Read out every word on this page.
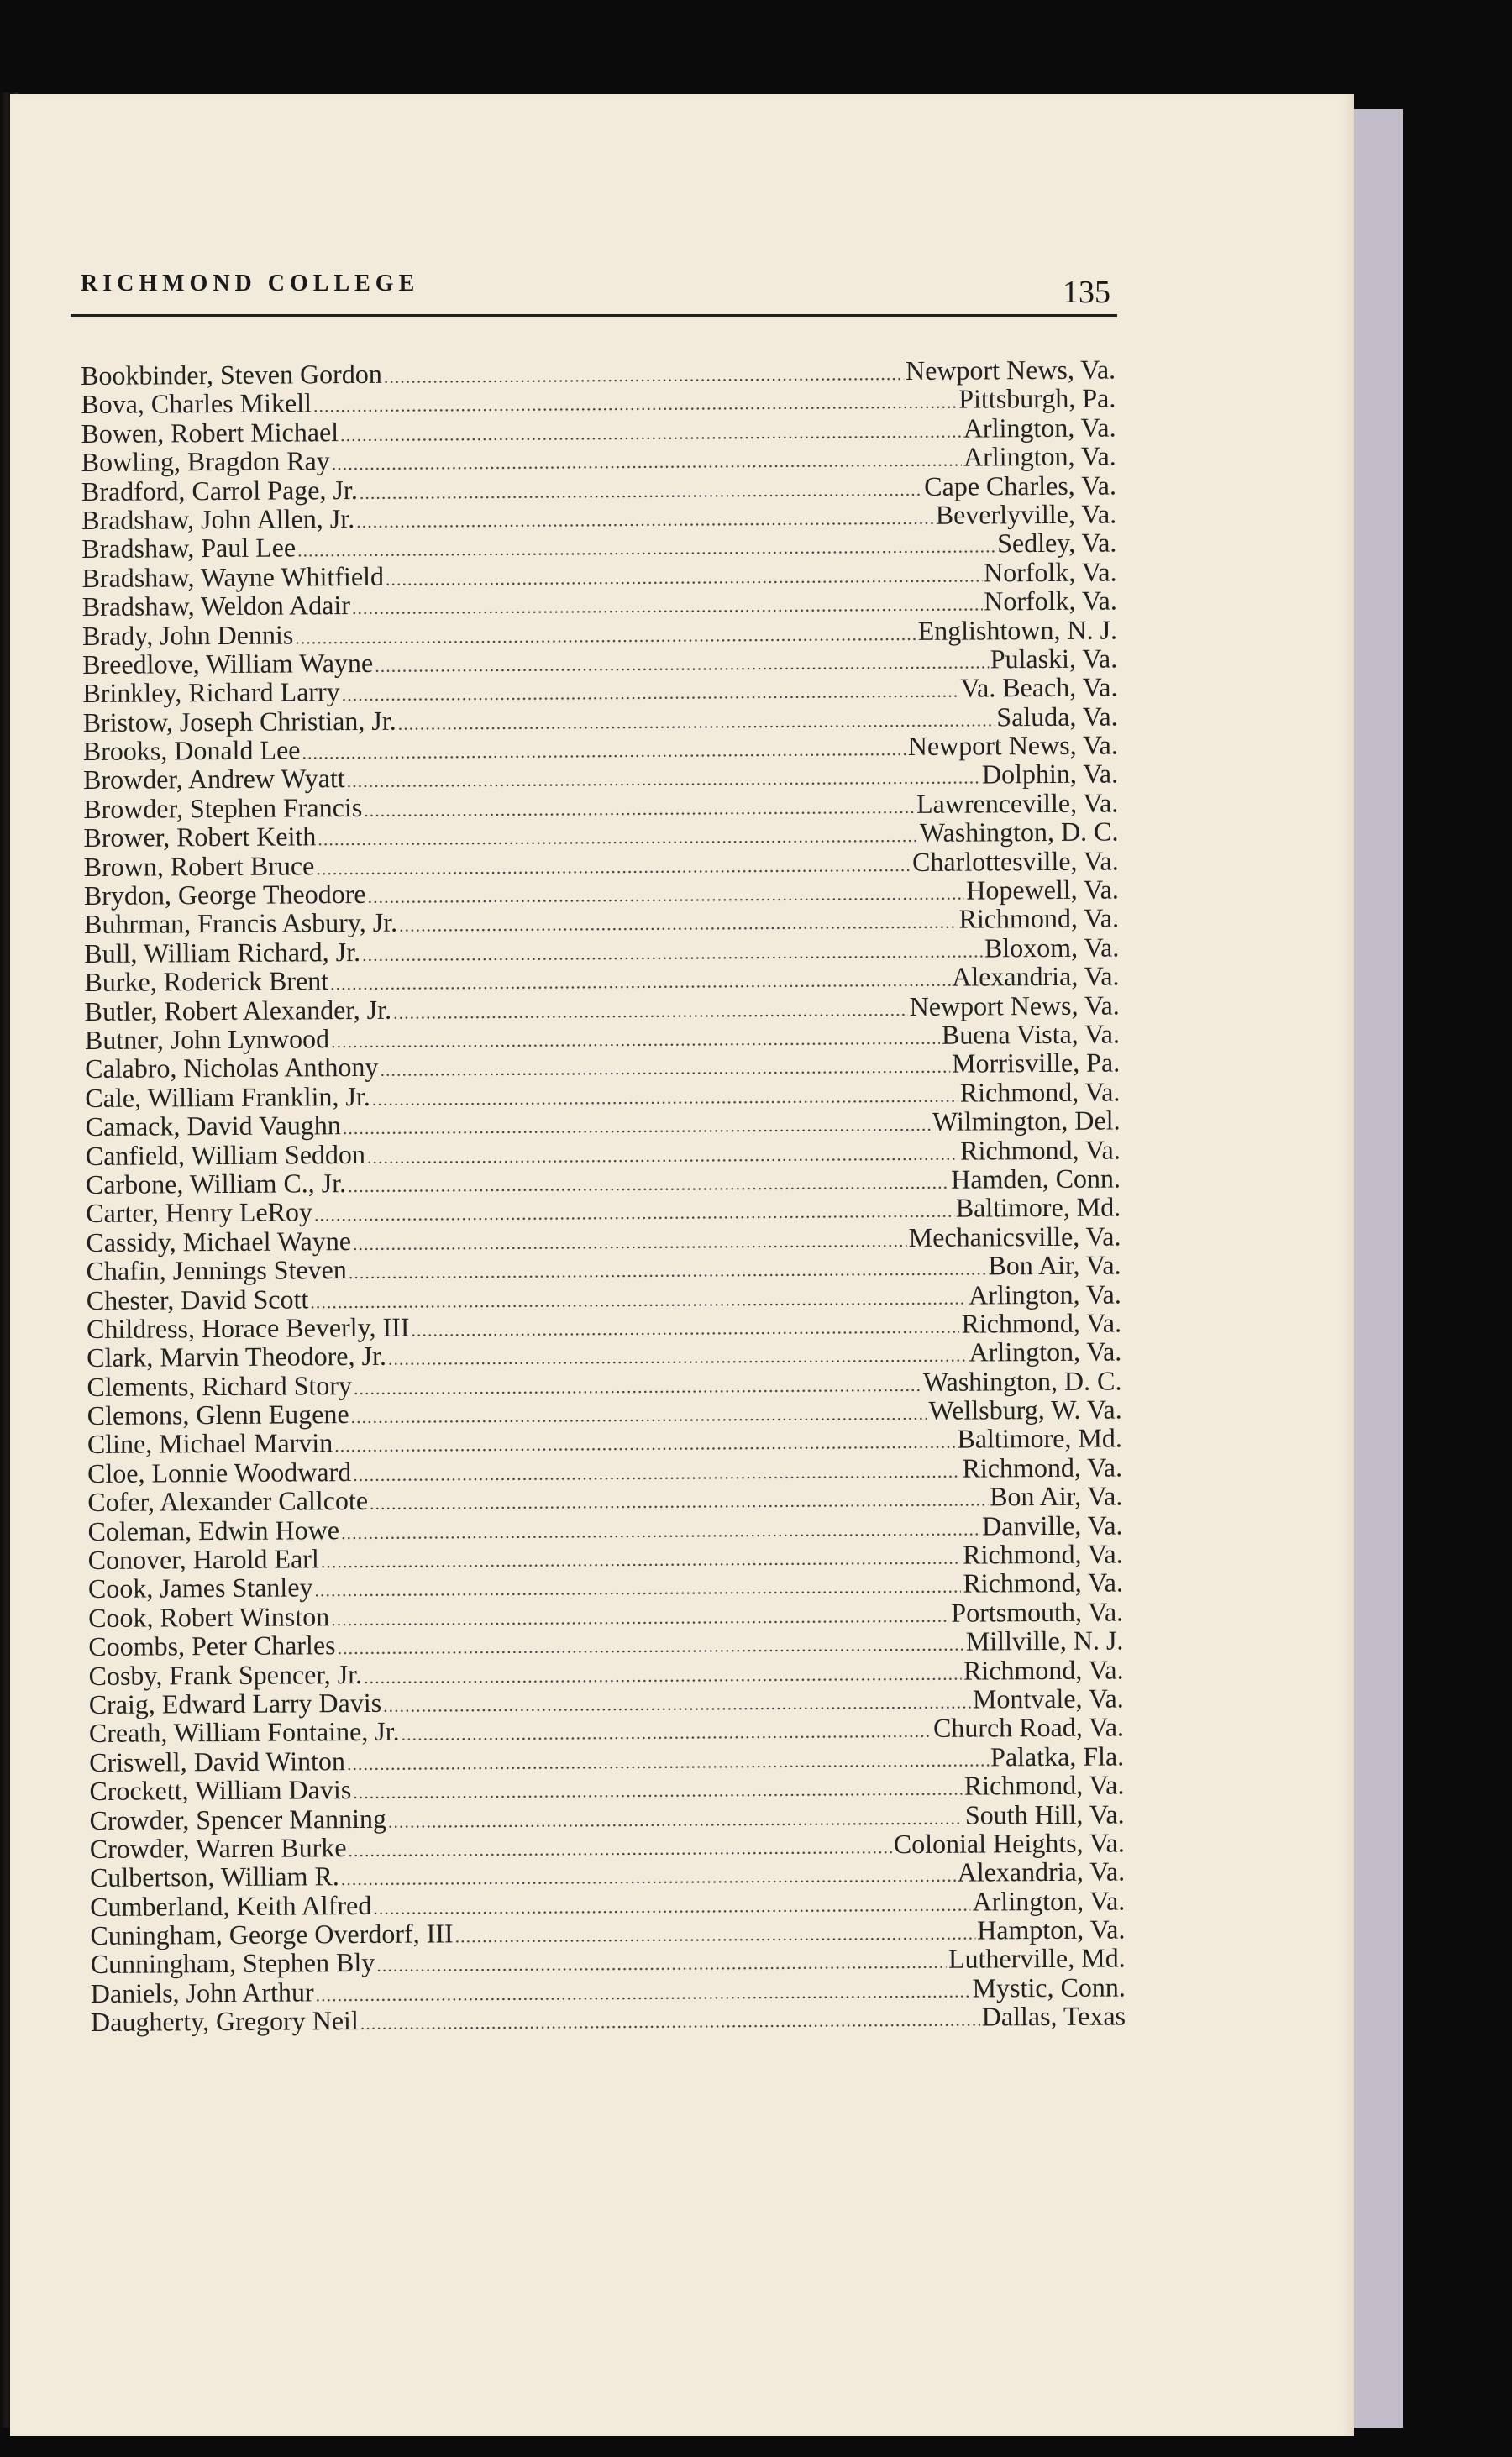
RICHMOND COLLEGE	135
Bookbinder, Steven Gordon .....	Newport News, Va.
Bova, Charles Mikell .....	Pittsburgh, Pa.
Bowen, Robert Michael .....	Arlington, Va.
Bowling, Bragdon Ray .....	Arlington, Va.
Bradford, Carrol Page, Jr. .....	Cape Charles, Va.
Bradshaw, John Allen, Jr. .....	Beverlyville, Va.
Bradshaw, Paul Lee .....	Sedley, Va.
Bradshaw, Wayne Whitfield .....	Norfolk, Va.
Bradshaw, Weldon Adair .....	Norfolk, Va.
Brady, John Dennis .....	Englishtown, N. J.
Breedlove, William Wayne .....	Pulaski, Va.
Brinkley, Richard Larry .....	Va. Beach, Va.
Bristow, Joseph Christian, Jr. .....	Saluda, Va.
Brooks, Donald Lee .....	Newport News, Va.
Browder, Andrew Wyatt .....	Dolphin, Va.
Browder, Stephen Francis .....	Lawrenceville, Va.
Brower, Robert Keith .....	Washington, D. C.
Brown, Robert Bruce .....	Charlottesville, Va.
Brydon, George Theodore .....	Hopewell, Va.
Buhrman, Francis Asbury, Jr. .....	Richmond, Va.
Bull, William Richard, Jr. .....	Bloxom, Va.
Burke, Roderick Brent .....	Alexandria, Va.
Butler, Robert Alexander, Jr. .....	Newport News, Va.
Butner, John Lynwood .....	Buena Vista, Va.
Calabro, Nicholas Anthony .....	Morrisville, Pa.
Cale, William Franklin, Jr. .....	Richmond, Va.
Camack, David Vaughn .....	Wilmington, Del.
Canfield, William Seddon .....	Richmond, Va.
Carbone, William C., Jr. .....	Hamden, Conn.
Carter, Henry LeRoy .....	Baltimore, Md.
Cassidy, Michael Wayne .....	Mechanicsville, Va.
Chafin, Jennings Steven .....	Bon Air, Va.
Chester, David Scott .....	Arlington, Va.
Childress, Horace Beverly, III .....	Richmond, Va.
Clark, Marvin Theodore, Jr. .....	Arlington, Va.
Clements, Richard Story .....	Washington, D. C.
Clemons, Glenn Eugene .....	Wellsburg, W. Va.
Cline, Michael Marvin .....	Baltimore, Md.
Cloe, Lonnie Woodward .....	Richmond, Va.
Cofer, Alexander Callcote .....	Bon Air, Va.
Coleman, Edwin Howe .....	Danville, Va.
Conover, Harold Earl .....	Richmond, Va.
Cook, James Stanley .....	Richmond, Va.
Cook, Robert Winston .....	Portsmouth, Va.
Coombs, Peter Charles .....	Millville, N. J.
Cosby, Frank Spencer, Jr. .....	Richmond, Va.
Craig, Edward Larry Davis .....	Montvale, Va.
Creath, William Fontaine, Jr. .....	Church Road, Va.
Criswell, David Winton .....	Palatka, Fla.
Crockett, William Davis .....	Richmond, Va.
Crowder, Spencer Manning .....	South Hill, Va.
Crowder, Warren Burke .....	Colonial Heights, Va.
Culbertson, William R. .....	Alexandria, Va.
Cumberland, Keith Alfred .....	Arlington, Va.
Cuningham, George Overdorf, III .....	Hampton, Va.
Cunningham, Stephen Bly .....	Lutherville, Md.
Daniels, John Arthur .....	Mystic, Conn.
Daugherty, Gregory Neil .....	Dallas, Texas
